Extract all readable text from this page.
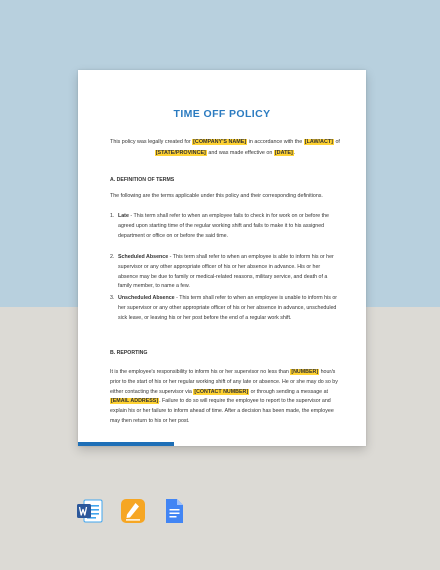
TIME OFF POLICY
This policy was legally created for [COMPANY'S NAME] in accordance with the [LAW/ACT] of
[STATE/PROVINCE] and was made effective on [DATE].
A. DEFINITION OF TERMS
The following are the terms applicable under this policy and their corresponding definitions.
1. Late - This term shall refer to when an employee fails to check in for work on or before the agreed upon starting time of the regular working shift and fails to make it to his assigned department or office on or before the said time.
2. Scheduled Absence - This term shall refer to when an employee is able to inform his or her supervisor or any other appropriate officer of his or her absence in advance. His or her absence may be due to family or medical-related reasons, military service, and death of a family member, to name a few.
3. Unscheduled Absence - This term shall refer to when an employee is unable to inform his or her supervisor or any other appropriate officer of his or her absence in advance, unscheduled sick leave, or leaving his or her post before the end of a regular work shift.
B. REPORTING
It is the employee's responsibility to inform his or her supervisor no less than [NUMBER] hour/s prior to the start of his or her regular working shift of any late or absence. He or she may do so by either contacting the supervisor via [CONTACT NUMBER] or through sending a message at [EMAIL ADDRESS]. Failure to do so will require the employee to report to the supervisor and explain his or her failure to inform ahead of time. After a decision has been made, the employee may then return to his or her post.
